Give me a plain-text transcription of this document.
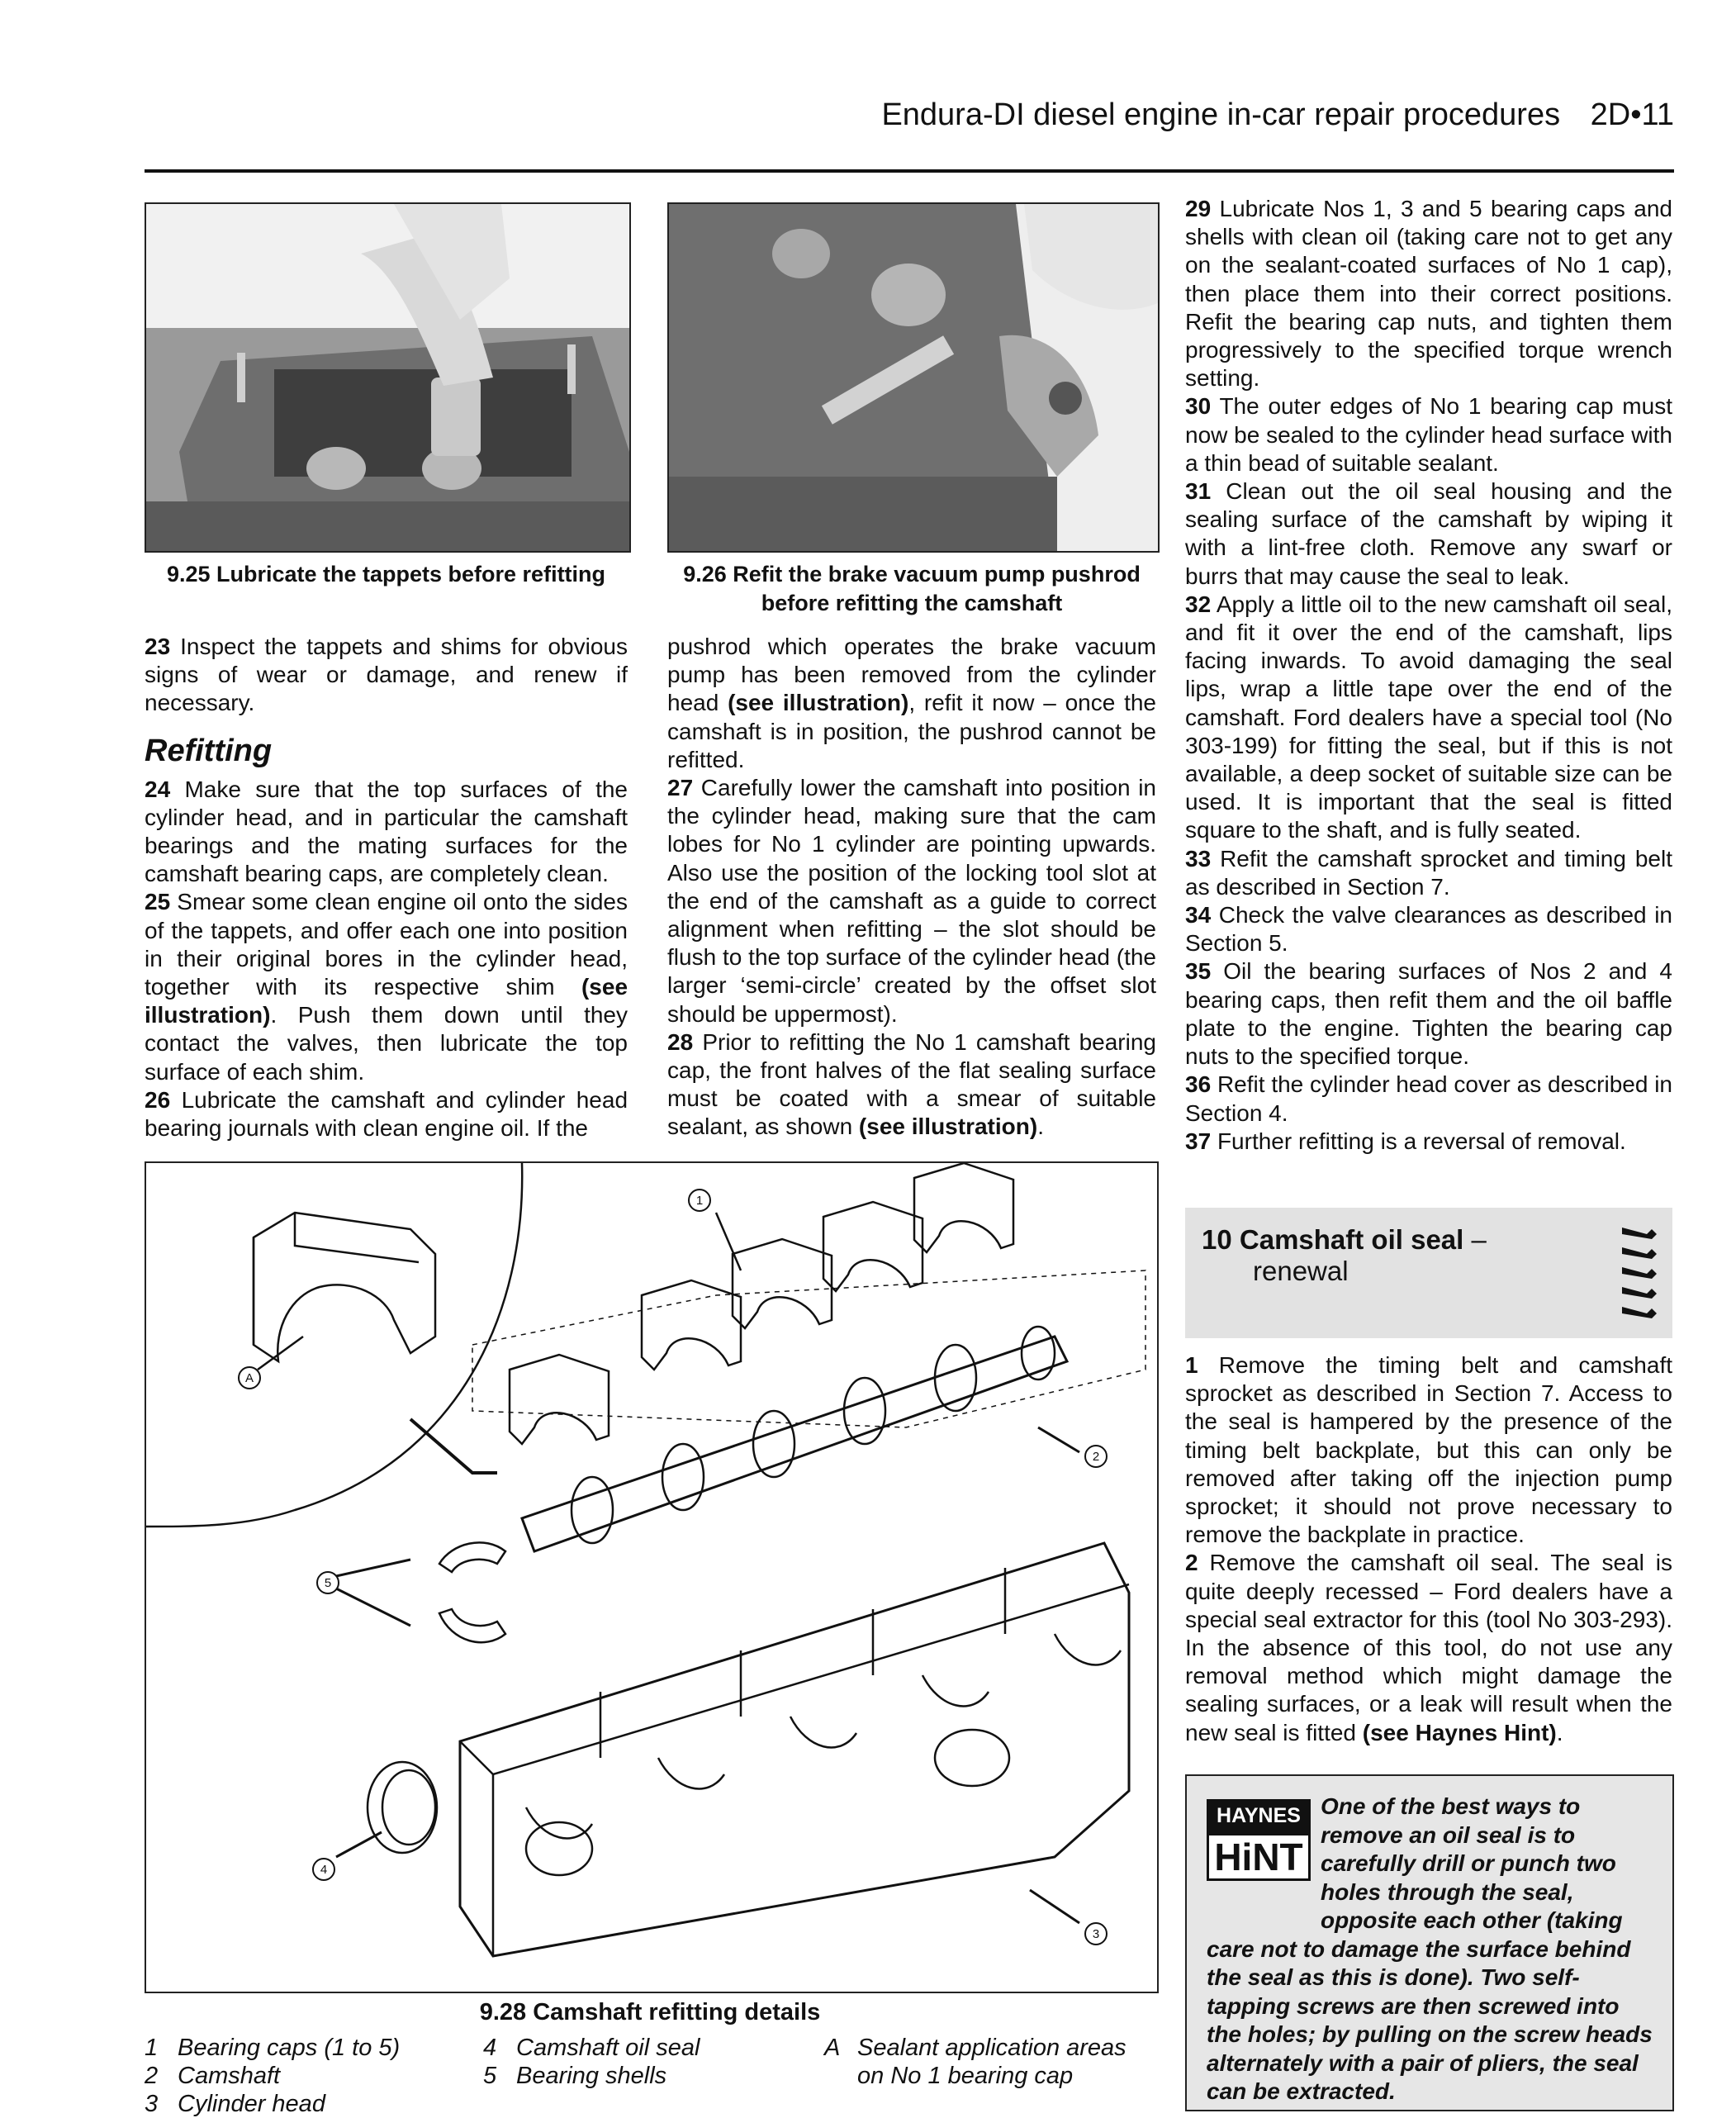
Endura-DI diesel engine in-car repair procedures 2D•11
9.25 Lubricate the tappets before refitting	9.26 Refit the brake vacuum pump pushrod before refitting the camshaft

23 Inspect the tappets and shims for obvious signs of wear or damage, and renew if necessary.

Refitting

24 Make sure that the top surfaces of the cylinder head, and in particular the camshaft bearings and the mating surfaces for the camshaft bearing caps, are completely clean.

25 Smear some clean engine oil onto the sides of the tappets, and offer each one into position in their original bores in the cylinder head, together with its respective shim (see illustration). Push them down until they contact the valves, then lubricate the top surface of each shim.

26 Lubricate the camshaft and cylinder head bearing journals with clean engine oil. If the

pushrod which operates the brake vacuum pump has been removed from the cylinder head (see illustration), refit it now – once the camshaft is in position, the pushrod cannot be refitted.

27 Carefully lower the camshaft into position in the cylinder head, making sure that the cam lobes for No 1 cylinder are pointing upwards. Also use the position of the locking tool slot at the end of the camshaft as a guide to correct alignment when refitting – the slot should be flush to the top surface of the cylinder head (the larger ‘semi-circle’ created by the offset slot should be uppermost).

28 Prior to refitting the No 1 camshaft bearing cap, the front halves of the flat sealing surface must be coated with a smear of suitable sealant, as shown (see illustration).

29 Lubricate Nos 1, 3 and 5 bearing caps and shells with clean oil (taking care not to get any on the sealant-coated surfaces of No 1 cap), then place them into their correct positions. Refit the bearing cap nuts, and tighten them progressively to the specified torque wrench setting.

30 The outer edges of No 1 bearing cap must now be sealed to the cylinder head surface with a thin bead of suitable sealant.

31 Clean out the oil seal housing and the sealing surface of the camshaft by wiping it with a lint-free cloth. Remove any swarf or burrs that may cause the seal to leak.

32 Apply a little oil to the new camshaft oil seal, and fit it over the end of the camshaft, lips facing inwards. To avoid damaging the seal lips, wrap a little tape over the end of the camshaft. Ford dealers have a special tool (No 303-199) for fitting the seal, but if this is not available, a deep socket of suitable size can be used. It is important that the seal is fitted square to the shaft, and is fully seated.

33 Refit the camshaft sprocket and timing belt as described in Section 7.

34 Check the valve clearances as described in Section 5.

35 Oil the bearing surfaces of Nos 2 and 4 bearing caps, then refit them and the oil baffle plate to the engine. Tighten the bearing cap nuts to the specified torque.

36 Refit the cylinder head cover as described in Section 4.

37 Further refitting is a reversal of removal.

10 Camshaft oil seal –
renewal

1 Remove the timing belt and camshaft sprocket as described in Section 7. Access to the seal is hampered by the presence of the timing belt backplate, but this can only be removed after taking off the injection pump sprocket; it should not prove necessary to remove the backplate in practice.

2 Remove the camshaft oil seal. The seal is quite deeply recessed – Ford dealers have a special seal extractor for this (tool No 303-293). In the absence of this tool, do not use any removal method which might damage the sealing surfaces, or a leak will result when the new seal is fitted (see Haynes Hint).

One of the best ways to remove an oil seal is to carefully drill or punch two holes through the seal, opposite each other (taking care not to damage the surface behind the seal as this is done). Two self-tapping screws are then screwed into the holes; by pulling on the screw heads alternately with a pair of pliers, the seal can be extracted.
HAYNES
HiNT
1
2
3
4
5
A
9.28 Camshaft refitting details
1 Bearing caps (1 to 5)
2 Camshaft
3 Cylinder head
4 Camshaft oil seal
5 Bearing shells
A Sealant application areas on No 1 bearing cap
